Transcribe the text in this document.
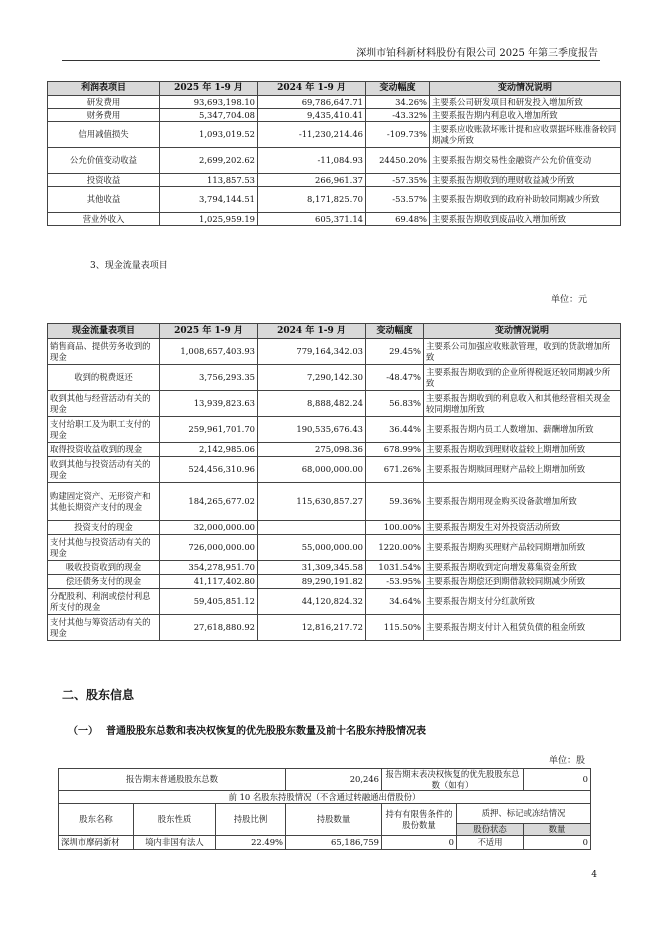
深圳市铂科新材料股份有限公司 2025 年第三季度报告
利润表项目	2025 年 1-9 月	2024 年 1-9 月	变动幅度	变动情况说明
研发费用	93,693,198.10	69,786,647.71	34.26%	主要系公司研发项目和研发投入增加所致
财务费用	5,347,704.08	9,435,410.41	-43.32%	主要系报告期内利息收入增加所致
信用减值损失	1,093,019.52	-11,230,214.46	-109.73%	主要系应收账款坏账计提和应收票据坏账准备较同期减少所致
公允价值变动收益	2,699,202.62	-11,084.93	24450.20%	主要系报告期交易性金融资产公允价值变动
投资收益	113,857.53	266,961.37	-57.35%	主要系报告期收到的理财收益减少所致
其他收益	3,794,144.51	8,171,825.70	-53.57%	主要系报告期收到的政府补助较同期减少所致
营业外收入	1,025,959.19	605,371.14	69.48%	主要系报告期收到废品收入增加所致
3、现金流量表项目
单位：元
现金流量表项目	2025 年 1-9 月	2024 年 1-9 月	变动幅度	变动情况说明
销售商品、提供劳务收到的现金	1,008,657,403.93	779,164,342.03	29.45%	主要系公司加强应收账款管理，收到的货款增加所致
收到的税费返还	3,756,293.35	7,290,142.30	-48.47%	主要系报告期收到的企业所得税返还较同期减少所致
收到其他与经营活动有关的现金	13,939,823.63	8,888,482.24	56.83%	主要系报告期收到的利息收入和其他经营相关现金较同期增加所致
支付给职工及为职工支付的现金	259,961,701.70	190,535,676.43	36.44%	主要系报告期内员工人数增加、薪酬增加所致
取得投资收益收到的现金	2,142,985.06	275,098.36	678.99%	主要系报告期收到理财收益较上期增加所致
收到其他与投资活动有关的现金	524,456,310.96	68,000,000.00	671.26%	主要系报告期赎回理财产品较上期增加所致
购建固定资产、无形资产和其他长期资产支付的现金	184,265,677.02	115,630,857.27	59.36%	主要系报告期用现金购买设备款增加所致
投资支付的现金	32,000,000.00		100.00%	主要系报告期发生对外投资活动所致
支付其他与投资活动有关的现金	726,000,000.00	55,000,000.00	1220.00%	主要系报告期购买理财产品较同期增加所致
吸收投资收到的现金	354,278,951.70	31,309,345.58	1031.54%	主要系报告期收到定向增发募集资金所致
偿还债务支付的现金	41,117,402.80	89,290,191.82	-53.95%	主要系报告期偿还到期借款较同期减少所致
分配股利、利润或偿付利息所支付的现金	59,405,851.12	44,120,824.32	34.64%	主要系报告期支付分红款所致
支付其他与筹资活动有关的现金	27,618,880.92	12,816,217.72	115.50%	主要系报告期支付计入租赁负债的租金所致
二、股东信息
（一） 普通股股东总数和表决权恢复的优先股股东数量及前十名股东持股情况表
单位：股
报告期末普通股股东总数			20,246	报告期末表决权恢复的优先股股东总数（如有）		0
前 10 名股东持股情况（不含通过转融通出借股份）						
股东名称	股东性质	持股比例	持股数量	持有有限售条件的股份数量	质押、标记或冻结情况	
					股份状态	数量
深圳市摩码新材	境内非国有法人	22.49%	65,186,759	0	不适用	0
4
